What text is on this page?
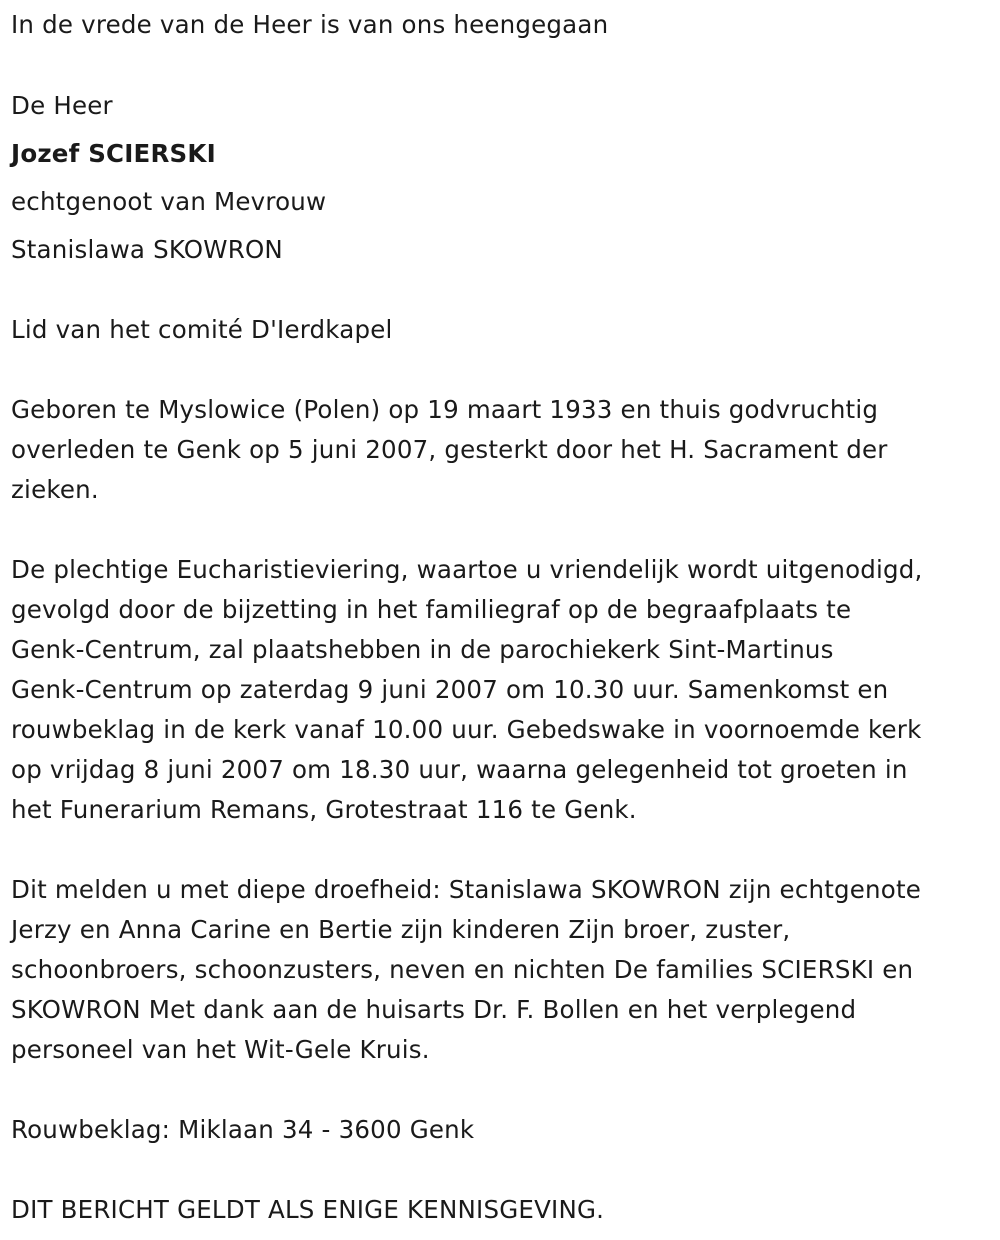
In de vrede van de Heer is van ons heengegaan
De Heer
Jozef SCIERSKI
echtgenoot van Mevrouw
Stanislawa SKOWRON
Lid van het comité D'Ierdkapel
Geboren te Myslowice (Polen) op 19 maart 1933 en thuis godvruchtig
overleden te Genk op 5 juni 2007, gesterkt door het H. Sacrament der
zieken.
De plechtige Eucharistieviering, waartoe u vriendelijk wordt uitgenodigd,
gevolgd door de bijzetting in het familiegraf op de begraafplaats te
Genk-Centrum, zal plaatshebben in de parochiekerk Sint-Martinus
Genk-Centrum op zaterdag 9 juni 2007 om 10.30 uur. Samenkomst en
rouwbeklag in de kerk vanaf 10.00 uur. Gebedswake in voornoemde kerk
op vrijdag 8 juni 2007 om 18.30 uur, waarna gelegenheid tot groeten in
het Funerarium Remans, Grotestraat 116 te Genk.
Dit melden u met diepe droefheid: Stanislawa SKOWRON zijn echtgenote
Jerzy en Anna Carine en Bertie zijn kinderen Zijn broer, zuster,
schoonbroers, schoonzusters, neven en nichten De families SCIERSKI en
SKOWRON Met dank aan de huisarts Dr. F. Bollen en het verplegend
personeel van het Wit-Gele Kruis.
Rouwbeklag: Miklaan 34 - 3600 Genk
DIT BERICHT GELDT ALS ENIGE KENNISGEVING.
